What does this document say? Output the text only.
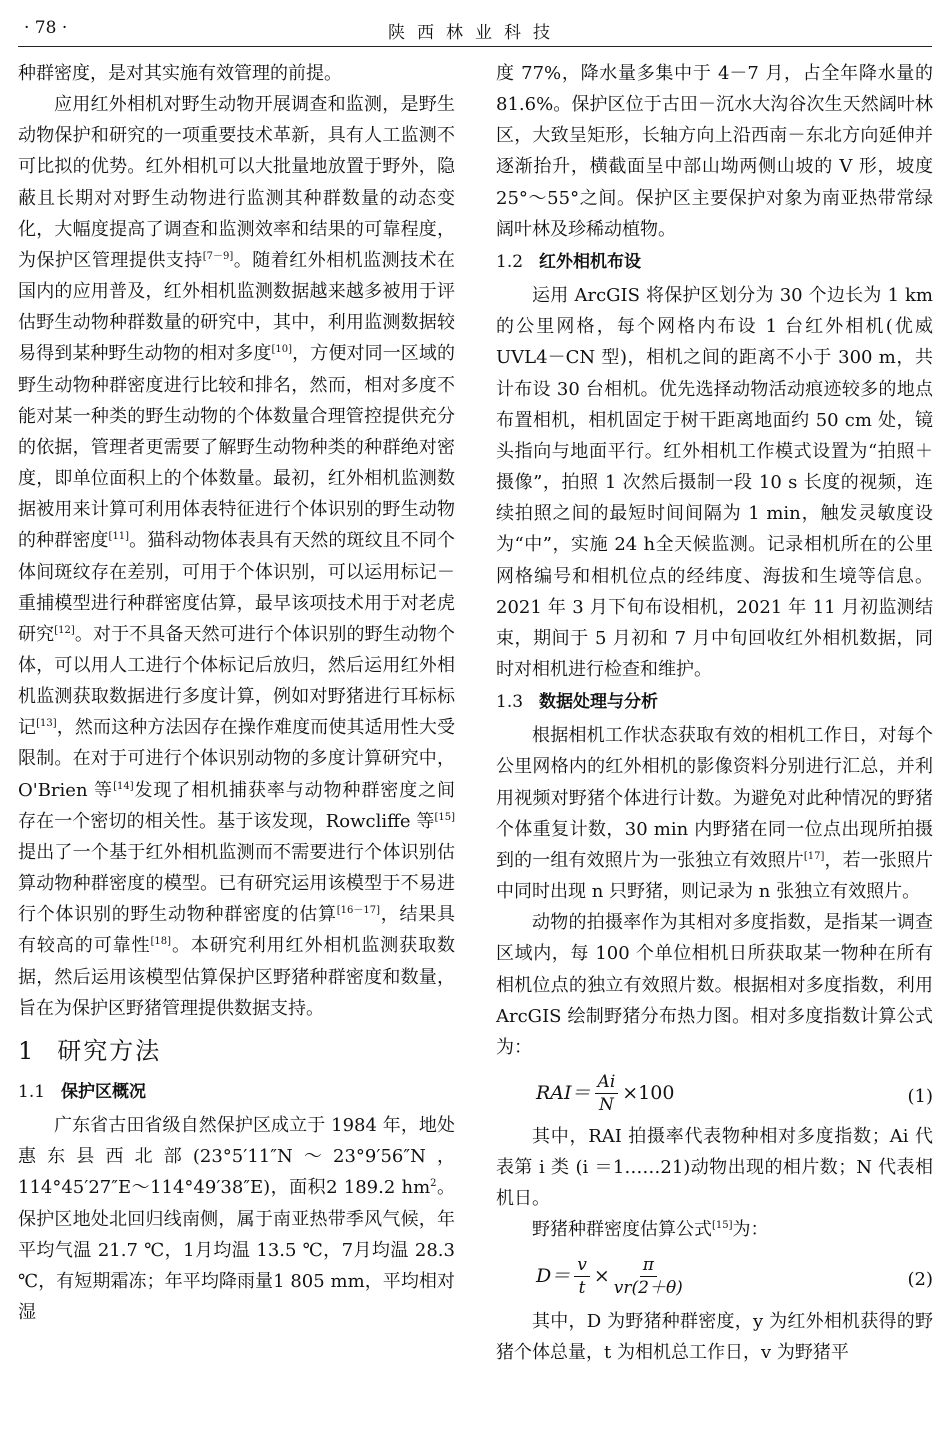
· 78 ·	陕西林业科技

种群密度，是对其实施有效管理的前提。

应用红外相机对野生动物开展调查和监测，是野生动物保护和研究的一项重要技术革新，具有人工监测不可比拟的优势。红外相机可以大批量地放置于野外，隐蔽且长期对对野生动物进行监测其种群数量的动态变化，大幅度提高了调查和监测效率和结果的可靠程度，为保护区管理提供支持[7－9]。随着红外相机监测技术在国内的应用普及，红外相机监测数据越来越多被用于评估野生动物种群数量的研究中，其中，利用监测数据较易得到某种野生动物的相对多度[10]，方便对同一区域的野生动物种群密度进行比较和排名，然而，相对多度不能对某一种类的野生动物的个体数量合理管控提供充分的依据，管理者更需要了解野生动物种类的种群绝对密度，即单位面积上的个体数量。最初，红外相机监测数据被用来计算可利用体表特征进行个体识别的野生动物的种群密度[11]。猫科动物体表具有天然的斑纹且不同个体间斑纹存在差别，可用于个体识别，可以运用标记－重捕模型进行种群密度估算，最早该项技术用于对老虎研究[12]。对于不具备天然可进行个体识别的野生动物个体，可以用人工进行个体标记后放归，然后运用红外相机监测获取数据进行多度计算，例如对野猪进行耳标标记[13]，然而这种方法因存在操作难度而使其适用性大受限制。在对于可进行个体识别动物的多度计算研究中，O'Brien 等[14]发现了相机捕获率与动物种群密度之间存在一个密切的相关性。基于该发现，Rowcliffe 等[15]提出了一个基于红外相机监测而不需要进行个体识别估算动物种群密度的模型。已有研究运用该模型于不易进行个体识别的野生动物种群密度的估算[16－17]，结果具有较高的可靠性[18]。本研究利用红外相机监测获取数据，然后运用该模型估算保护区野猪种群密度和数量，旨在为保护区野猪管理提供数据支持。

1 研究方法
1.1 保护区概况

广东省古田省级自然保护区成立于 1984 年，地处惠东县西北部(23°5′11″N～23°9′56″N，114°45′27″E～114°49′38″E)，面积2 189.2 $hm^2$。保护区地处北回归线南侧，属于南亚热带季风气候，年平均气温 21.7 ℃，1月均温 13.5 ℃，7月均温 28.3 ℃，有短期霜冻；年平均降雨量1 805 mm，平均相对湿

度 77%，降水量多集中于 4－7 月，占全年降水量的 81.6%。保护区位于古田－沉水大沟谷次生天然阔叶林区，大致呈矩形，长轴方向上沿西南－东北方向延伸并逐渐抬升，横截面呈中部山坳两侧山坡的 V 形，坡度 25°～55°之间。保护区主要保护对象为南亚热带常绿阔叶林及珍稀动植物。

1.2 红外相机布设

运用 ArcGIS 将保护区划分为 30 个边长为 1 km的公里网格，每个网格内布设 1 台红外相机(优威 UVL4－CN 型)，相机之间的距离不小于 300 m，共计布设 30 台相机。优先选择动物活动痕迹较多的地点布置相机，相机固定于树干距离地面约 50 cm 处，镜头指向与地面平行。红外相机工作模式设置为“拍照＋摄像”，拍照 1 次然后摄制一段 10 s 长度的视频，连续拍照之间的最短时间间隔为 1 min，触发灵敏度设为“中”，实施 24 h全天候监测。记录相机所在的公里网格编号和相机位点的经纬度、海拔和生境等信息。2021 年 3 月下旬布设相机，2021 年 11 月初监测结束，期间于 5 月初和 7 月中旬回收红外相机数据，同时对相机进行检查和维护。

1.3 数据处理与分析

根据相机工作状态获取有效的相机工作日，对每个公里网格内的红外相机的影像资料分别进行汇总，并利用视频对野猪个体进行计数。为避免对此种情况的野猪个体重复计数，30 min 内野猪在同一位点出现所拍摄到的一组有效照片为一张独立有效照片[17]，若一张照片中同时出现 n 只野猪，则记录为 n 张独立有效照片。

动物的拍摄率作为其相对多度指数，是指某一调查区域内，每 100 个单位相机日所获取某一物种在所有相机位点的独立有效照片数。根据相对多度指数，利用 ArcGIS 绘制野猪分布热力图。相对多度指数计算公式为：

$RAI= \frac{Ai}{N} \times 100$	(1)

其中，RAI 拍摄率代表物种相对多度指数；Ai 代表第 i 类 (i ＝1……21)动物出现的相片数；N 代表相机日。

野猪种群密度估算公式[15]为：

$D= \frac{v}{t} \times \frac{\pi}{vr(2+\theta)}$	(2)

其中，D 为野猪种群密度，y 为红外相机获得的野猪个体总量，t 为相机总工作日，v 为野猪平
